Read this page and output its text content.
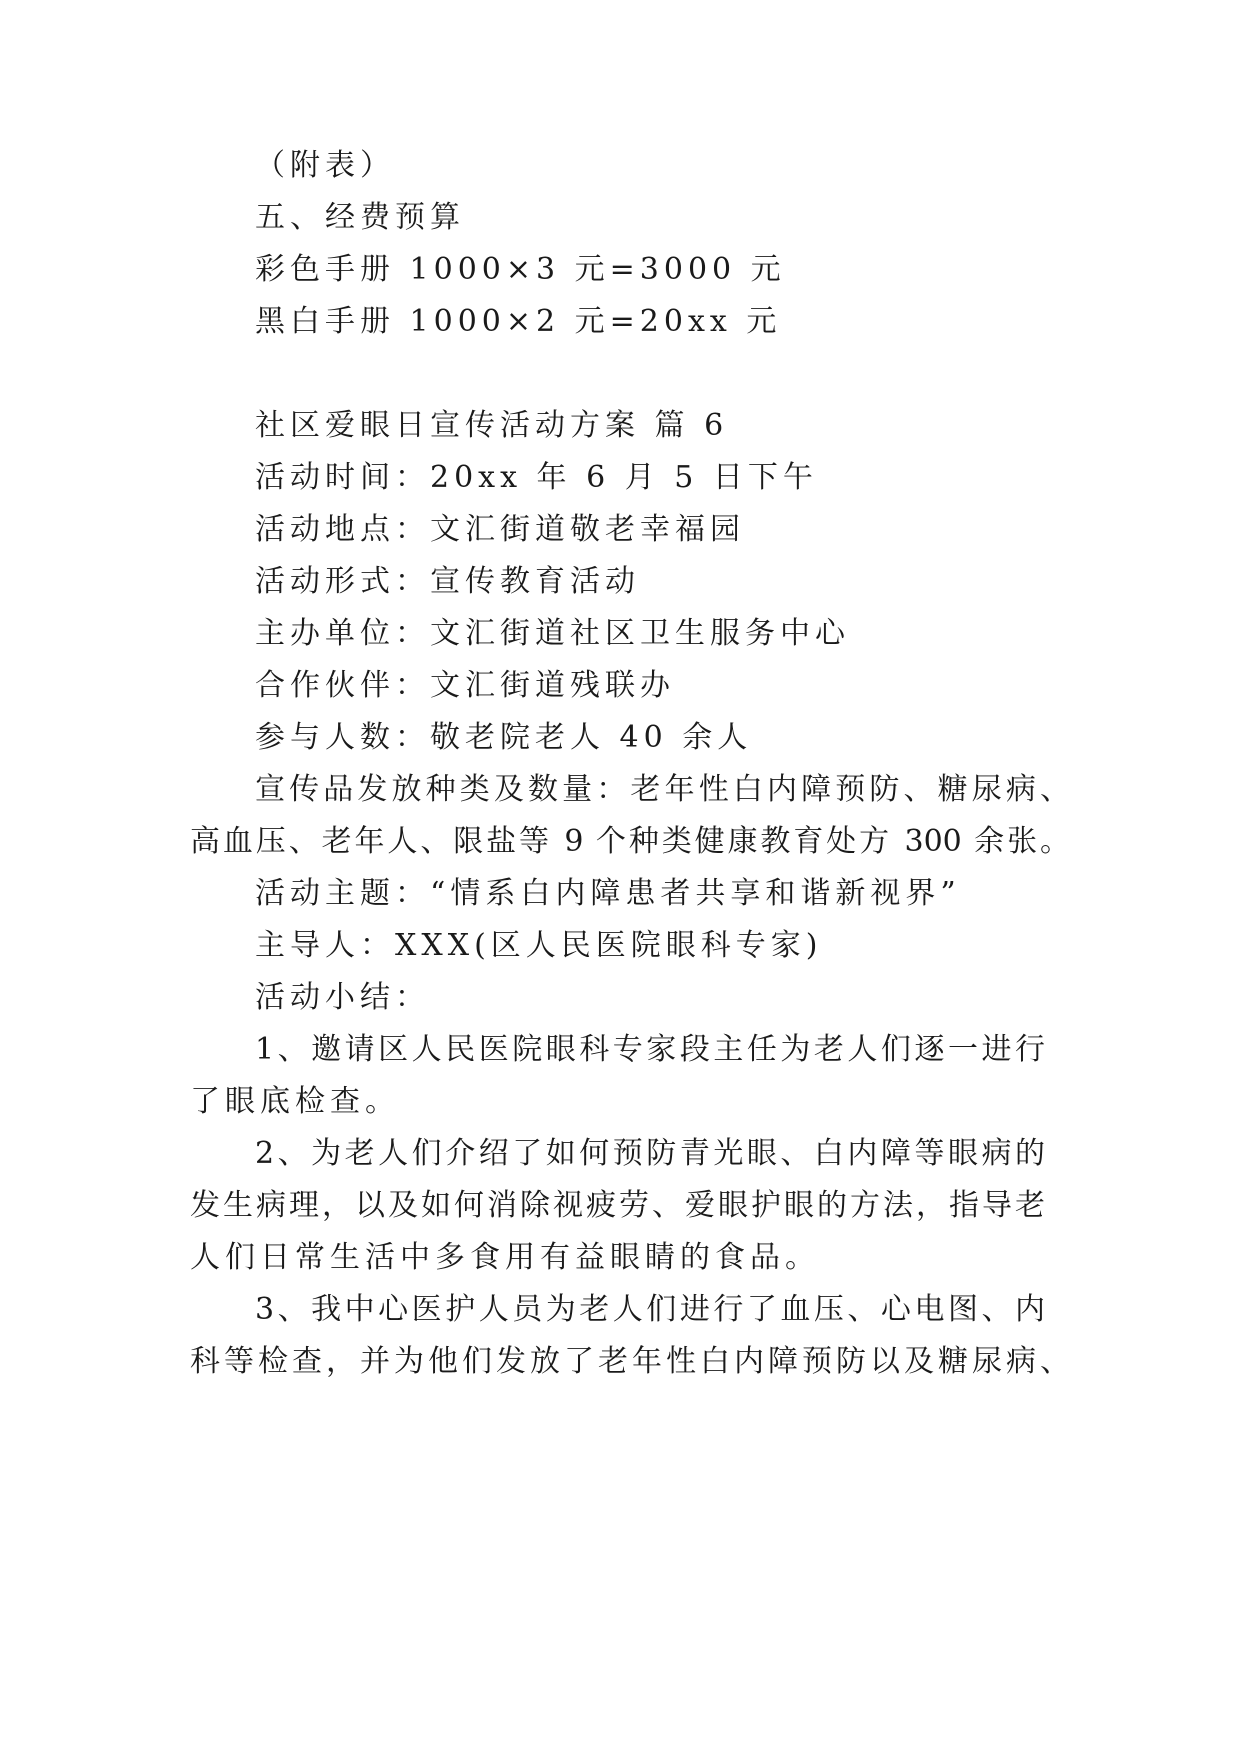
（附表）
五、经费预算
彩色手册 1000×3 元=3000 元
黑白手册 1000×2 元=20xx 元
社区爱眼日宣传活动方案 篇 6
活动时间：20xx 年 6 月 5 日下午
活动地点：文汇街道敬老幸福园
活动形式：宣传教育活动
主办单位：文汇街道社区卫生服务中心
合作伙伴：文汇街道残联办
参与人数：敬老院老人 40 余人
宣传品发放种类及数量：老年性白内障预防、糖尿病、
高血压、老年人、限盐等 9 个种类健康教育处方 300 余张。
活动主题：“情系白内障患者共享和谐新视界”
主导人：XXX(区人民医院眼科专家)
活动小结：
1、邀请区人民医院眼科专家段主任为老人们逐一进行
了眼底检查。
2、为老人们介绍了如何预防青光眼、白内障等眼病的
发生病理，以及如何消除视疲劳、爱眼护眼的方法，指导老
人们日常生活中多食用有益眼睛的食品。
3、我中心医护人员为老人们进行了血压、心电图、内
科等检查，并为他们发放了老年性白内障预防以及糖尿病、
